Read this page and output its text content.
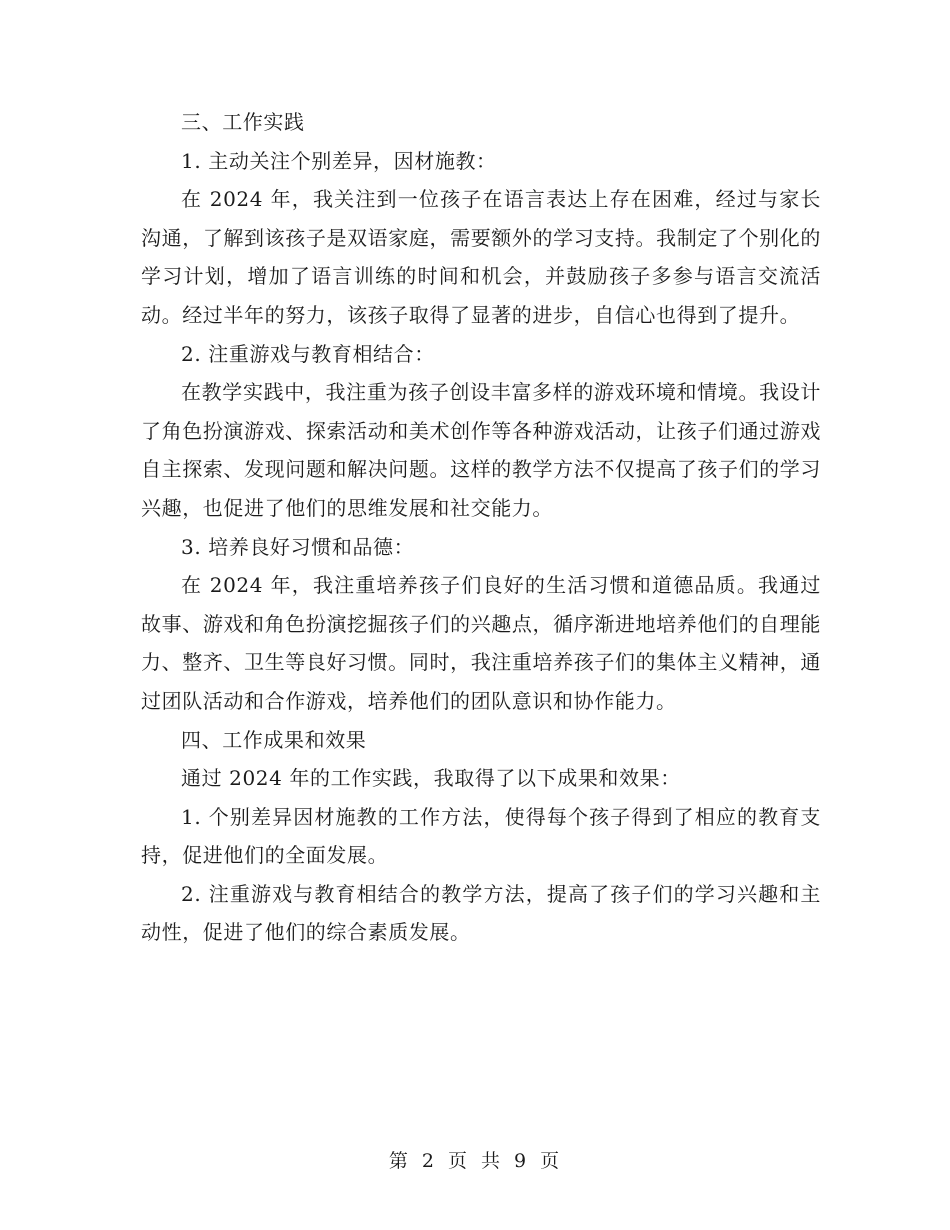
三、工作实践

1. 主动关注个别差异，因材施教：

在 2024 年，我关注到一位孩子在语言表达上存在困难，经过与家长沟通，了解到该孩子是双语家庭，需要额外的学习支持。我制定了个别化的学习计划，增加了语言训练的时间和机会，并鼓励孩子多参与语言交流活动。经过半年的努力，该孩子取得了显著的进步，自信心也得到了提升。

2. 注重游戏与教育相结合：

在教学实践中，我注重为孩子创设丰富多样的游戏环境和情境。我设计了角色扮演游戏、探索活动和美术创作等各种游戏活动，让孩子们通过游戏自主探索、发现问题和解决问题。这样的教学方法不仅提高了孩子们的学习兴趣，也促进了他们的思维发展和社交能力。

3. 培养良好习惯和品德：

在 2024 年，我注重培养孩子们良好的生活习惯和道德品质。我通过故事、游戏和角色扮演挖掘孩子们的兴趣点，循序渐进地培养他们的自理能力、整齐、卫生等良好习惯。同时，我注重培养孩子们的集体主义精神，通过团队活动和合作游戏，培养他们的团队意识和协作能力。

四、工作成果和效果

通过 2024 年的工作实践，我取得了以下成果和效果：

1. 个别差异因材施教的工作方法，使得每个孩子得到了相应的教育支持，促进他们的全面发展。

2. 注重游戏与教育相结合的教学方法，提高了孩子们的学习兴趣和主动性，促进了他们的综合素质发展。

第 2 页 共 9 页
